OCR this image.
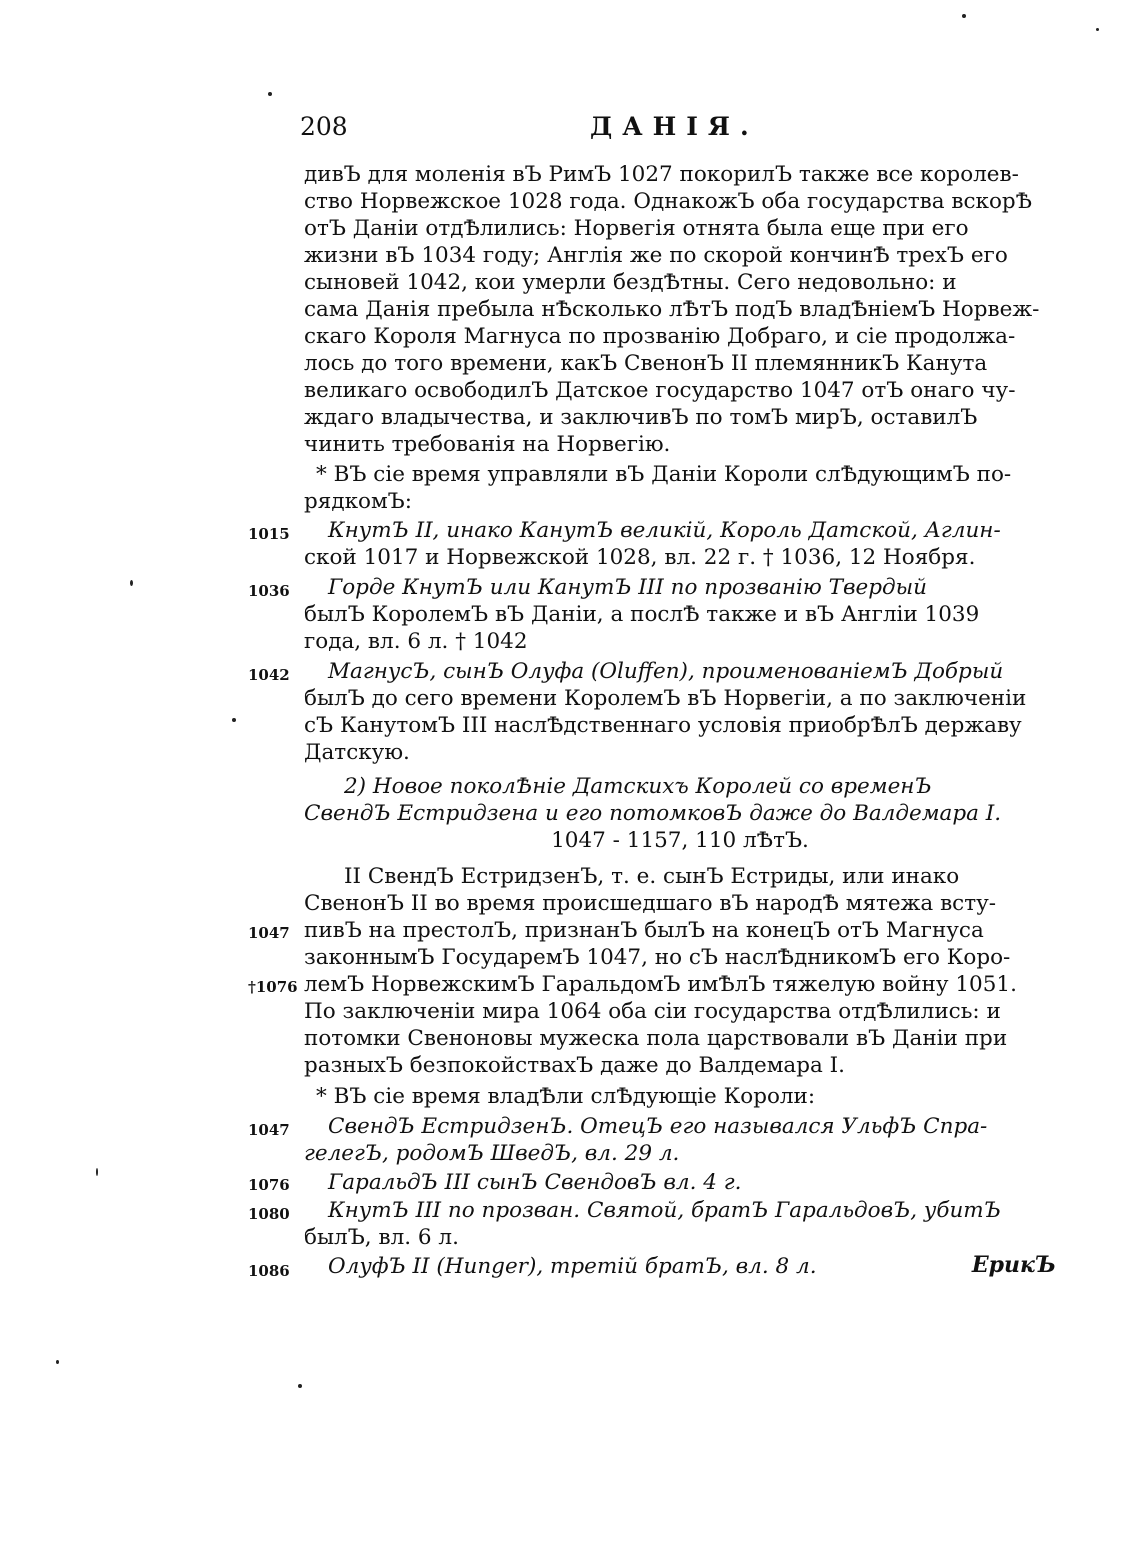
208	ДАНІЯ.
дивЪ для моленія вЪ РимЪ 1027 покорилЪ также все королев-
ство Норвежское 1028 года. ОднакожЪ оба государства вскорѢ
отЪ Даніи отдѢлились: Норвегія отнята была еще при его
жизни вЪ 1034 году; Англія же по скорой кончинѢ трехЪ его
сыновей 1042, кои умерли бездѢтны. Сего недовольно: и
сама Данія пребыла нѢсколько лѢтЪ подЪ владѢніемЪ Норвеж-
скаго Короля Магнуса по прозванію Добраго, и сіе продолжа-
лось до того времени, какЪ СвенонЪ II племянникЪ Канута
великаго освободилЪ Датское государство 1047 отЪ онаго чу-
ждаго владычества, и заключивЪ по томЪ мирЪ, оставилЪ
чинить требованія на Норвегію.
* ВЪ сіе время управляли вЪ Даніи Короли слѢдующимЪ по-
рядкомЪ:
КнутЪ II, инако КанутЪ великій, Король Датской, Аглин-
ской 1017 и Норвежской 1028, вл. 22 г. † 1036, 12 Ноября.
Горде КнутЪ или КанутЪ III по прозванію Твердый
былЪ КоролемЪ вЪ Даніи, а послѢ также и вЪ Англіи 1039
года, вл. 6 л. † 1042
МагнусЪ, сынЪ Олуфа (Oluffen), проименованіемЪ Добрый
былЪ до сего времени КоролемЪ вЪ Норвегіи, а по заключеніи
сЪ КанутомЪ III наслѢдственнаго условія приобрѢлЪ державу
Датскую.
2) Новое поколѢніе Датскихъ Королей со временЪ
СвендЪ Естридзена и его потомковЪ даже до Валдемара I.
1047 - 1157, 110 лѢтЪ.
II СвендЪ ЕстридзенЪ, т. е. сынЪ Естриды, или инако
СвенонЪ II во время происшедшаго вЪ народѢ мятежа всту-
пивЪ на престолЪ, признанЪ былЪ на конецЪ отЪ Магнуса
законнымЪ ГосударемЪ 1047, но сЪ наслѢдникомЪ его Коро-
лемЪ НорвежскимЪ ГаральдомЪ имѢлЪ тяжелую войну 1051.
По заключеніи мира 1064 оба сіи государства отдѢлились: и
потомки Свеноновы мужеска пола царствовали вЪ Даніи при
разныхЪ безпокойствахЪ даже до Валдемара I.
* ВЪ сіе время владѢли слѢдующіе Короли:
СвендЪ ЕстридзенЪ. ОтецЪ его назывался УльфЪ Спра-
гелегЪ, родомЪ ШведЪ, вл. 29 л.
ГаральдЪ III сынЪ СвендовЪ вл. 4 г.
КнутЪ III по прозван. Святой, братЪ ГаральдовЪ, убитЪ
былЪ, вл. 6 л.
ОлуфЪ II (Hunger), третій братЪ, вл. 8 л.
1015
1036
1042
1047
†1076
1047
1076
1080
1086	ЕрикЪ
